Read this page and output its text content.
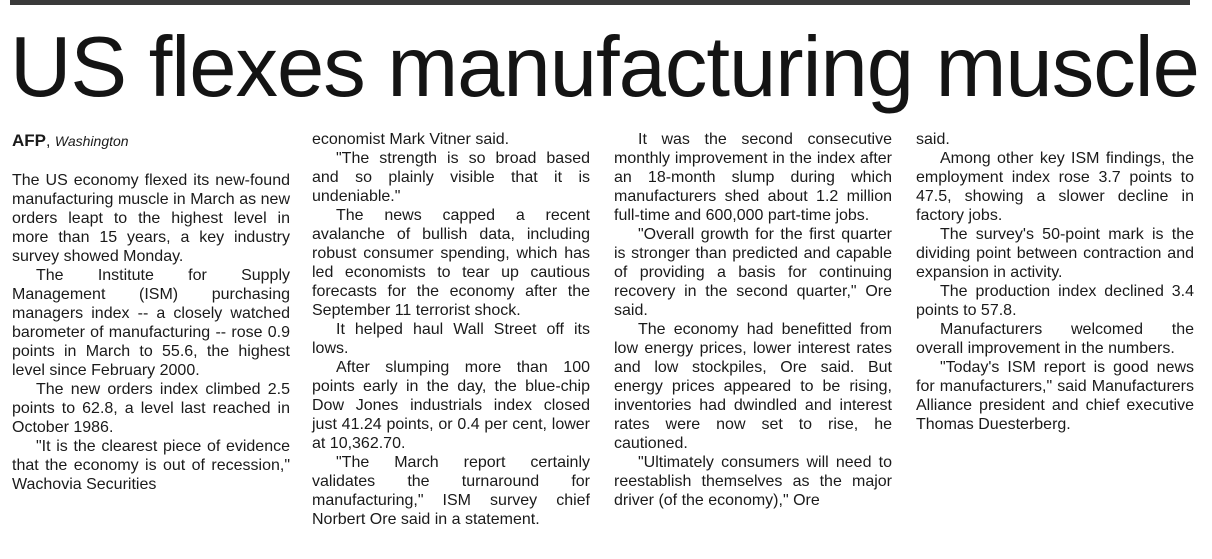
US flexes manufacturing muscle
AFP, Washington

The US economy flexed its new-found manufacturing muscle in March as new orders leapt to the highest level in more than 15 years, a key industry survey showed Monday.

The Institute for Supply Management (ISM) purchasing managers index -- a closely watched barometer of manufacturing -- rose 0.9 points in March to 55.6, the highest level since February 2000.

The new orders index climbed 2.5 points to 62.8, a level last reached in October 1986.

"It is the clearest piece of evidence that the economy is out of recession," Wachovia Securities

economist Mark Vitner said.

"The strength is so broad based and so plainly visible that it is undeniable."

The news capped a recent avalanche of bullish data, including robust consumer spending, which has led economists to tear up cautious forecasts for the economy after the September 11 terrorist shock.

It helped haul Wall Street off its lows.

After slumping more than 100 points early in the day, the blue-chip Dow Jones industrials index closed just 41.24 points, or 0.4 per cent, lower at 10,362.70.

"The March report certainly validates the turnaround for manufacturing," ISM survey chief Norbert Ore said in a statement.

It was the second consecutive monthly improvement in the index after an 18-month slump during which manufacturers shed about 1.2 million full-time and 600,000 part-time jobs.

"Overall growth for the first quarter is stronger than predicted and capable of providing a basis for continuing recovery in the second quarter," Ore said.

The economy had benefitted from low energy prices, lower interest rates and low stockpiles, Ore said. But energy prices appeared to be rising, inventories had dwindled and interest rates were now set to rise, he cautioned.

"Ultimately consumers will need to reestablish themselves as the major driver (of the economy)," Ore

said.

Among other key ISM findings, the employment index rose 3.7 points to 47.5, showing a slower decline in factory jobs.

The survey's 50-point mark is the dividing point between contraction and expansion in activity.

The production index declined 3.4 points to 57.8.

Manufacturers welcomed the overall improvement in the numbers.

"Today's ISM report is good news for manufacturers," said Manufacturers Alliance president and chief executive Thomas Duesterberg.
